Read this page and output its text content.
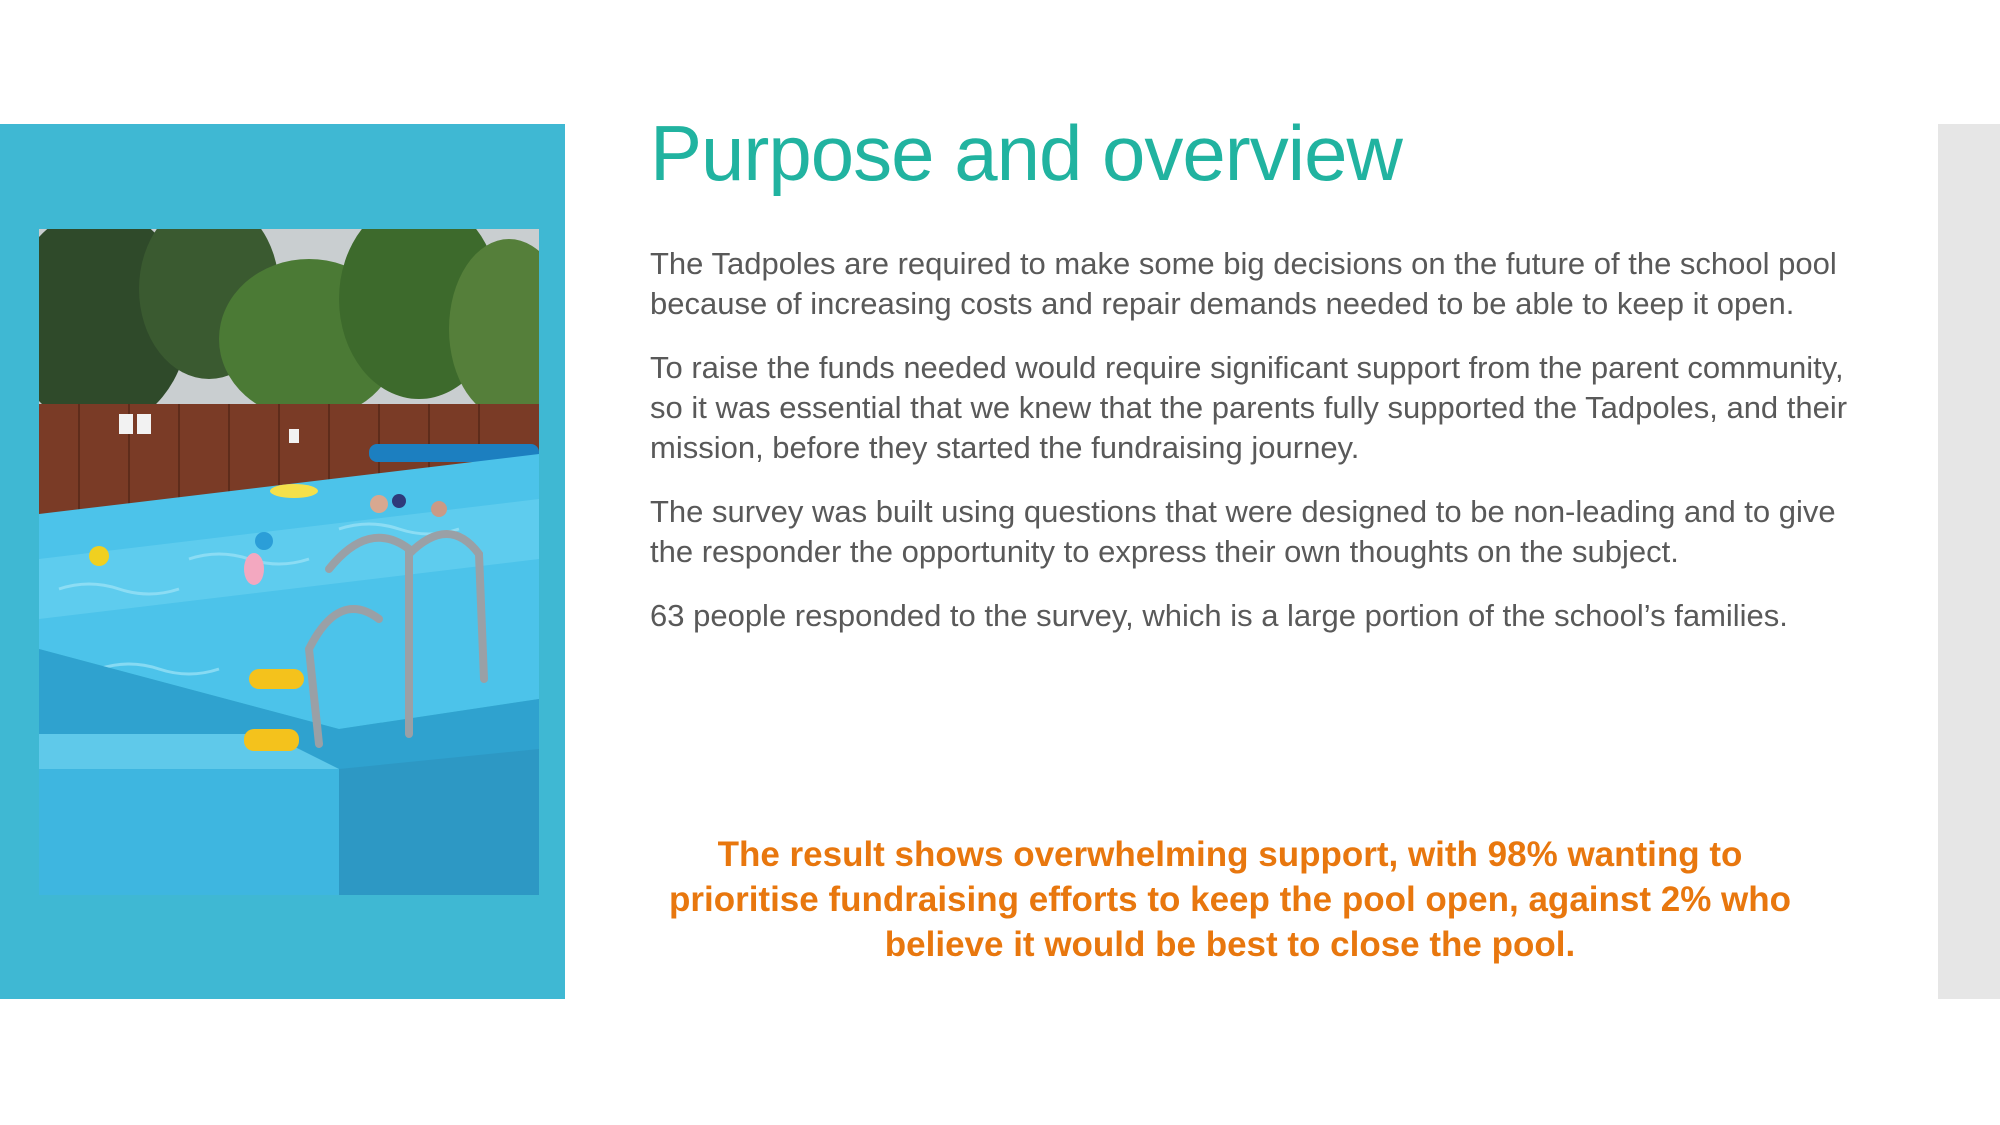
Purpose and overview

The Tadpoles are required to make some big decisions on the future of the school pool because of increasing costs and repair demands needed to be able to keep it open.

To raise the funds needed would require significant support from the parent community, so it was essential that we knew that the parents fully supported the Tadpoles, and their mission, before they started the fundraising journey.

The survey was built using questions that were designed to be non-leading and to give the responder the opportunity to express their own thoughts on the subject.

63 people responded to the survey, which is a large portion of the school’s families.

The result shows overwhelming support, with 98% wanting to prioritise fundraising efforts to keep the pool open, against 2% who believe it would be best to close the pool.
